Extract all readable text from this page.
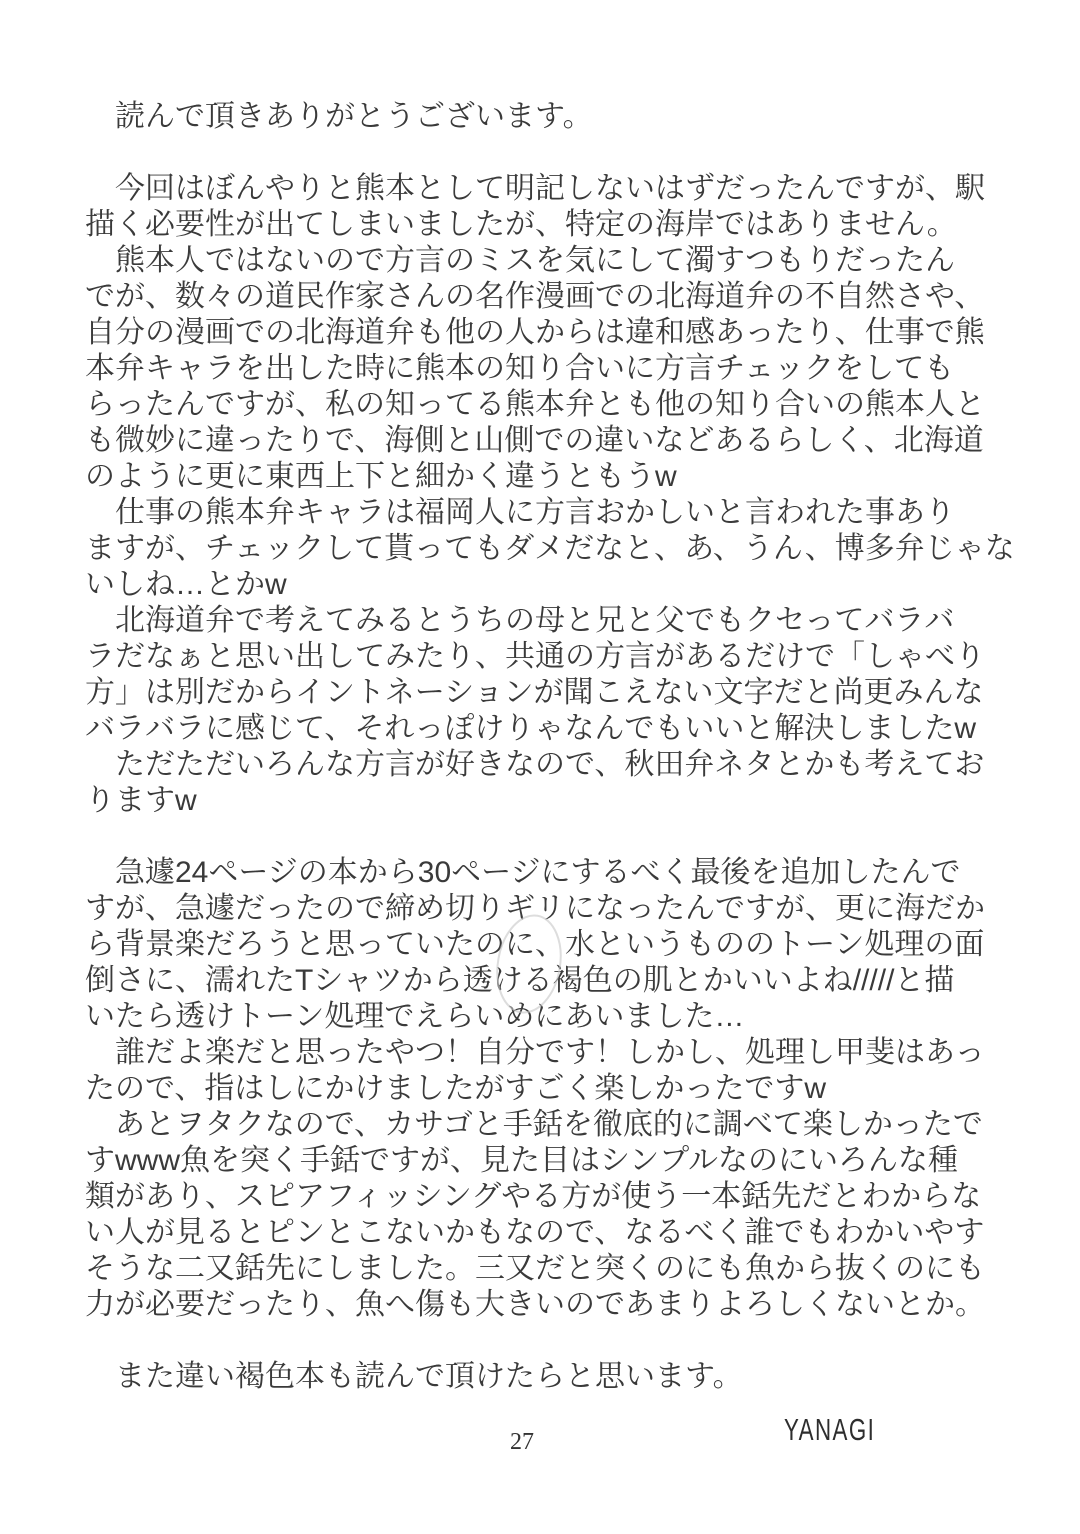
　読んで頂きありがとうございます。
　今回はぼんやりと熊本として明記しないはずだったんですが、駅
描く必要性が出てしまいましたが、特定の海岸ではありません。
　熊本人ではないので方言のミスを気にして濁すつもりだったん
でが、数々の道民作家さんの名作漫画での北海道弁の不自然さや、
自分の漫画での北海道弁も他の人からは違和感あったり、仕事で熊
本弁キャラを出した時に熊本の知り合いに方言チェックをしても
らったんですが、私の知ってる熊本弁とも他の知り合いの熊本人と
も微妙に違ったりで、海側と山側での違いなどあるらしく、北海道
のように更に東西上下と細かく違うともうw
　仕事の熊本弁キャラは福岡人に方言おかしいと言われた事あり
ますが、チェックして貰ってもダメだなと、あ、うん、博多弁じゃな
いしね…とかw
　北海道弁で考えてみるとうちの母と兄と父でもクセってバラバ
ラだなぁと思い出してみたり、共通の方言があるだけで「しゃべり
方」は別だからイントネーションが聞こえない文字だと尚更みんな
バラバラに感じて、それっぽけりゃなんでもいいと解決しましたw
　ただただいろんな方言が好きなので、秋田弁ネタとかも考えてお
りますw
　急遽24ページの本から30ページにするべく最後を追加したんで
すが、急遽だったので締め切りギリになったんですが、更に海だか
ら背景楽だろうと思っていたのに、水というもののトーン処理の面
倒さに、濡れたTシャツから透ける褐色の肌とかいいよね/////と描
いたら透けトーン処理でえらいめにあいました…
　誰だよ楽だと思ったやつ！自分です！しかし、処理し甲斐はあっ
たので、指はしにかけましたがすごく楽しかったですw
　あとヲタクなので、カサゴと手銛を徹底的に調べて楽しかったで
すwww魚を突く手銛ですが、見た目はシンプルなのにいろんな種
類があり、スピアフィッシングやる方が使う一本銛先だとわからな
い人が見るとピンとこないかもなので、なるべく誰でもわかいやす
そうな二又銛先にしました。三又だと突くのにも魚から抜くのにも
力が必要だったり、魚へ傷も大きいのであまりよろしくないとか。
　また違い褐色本も読んで頂けたらと思います。
27	YANAGI
